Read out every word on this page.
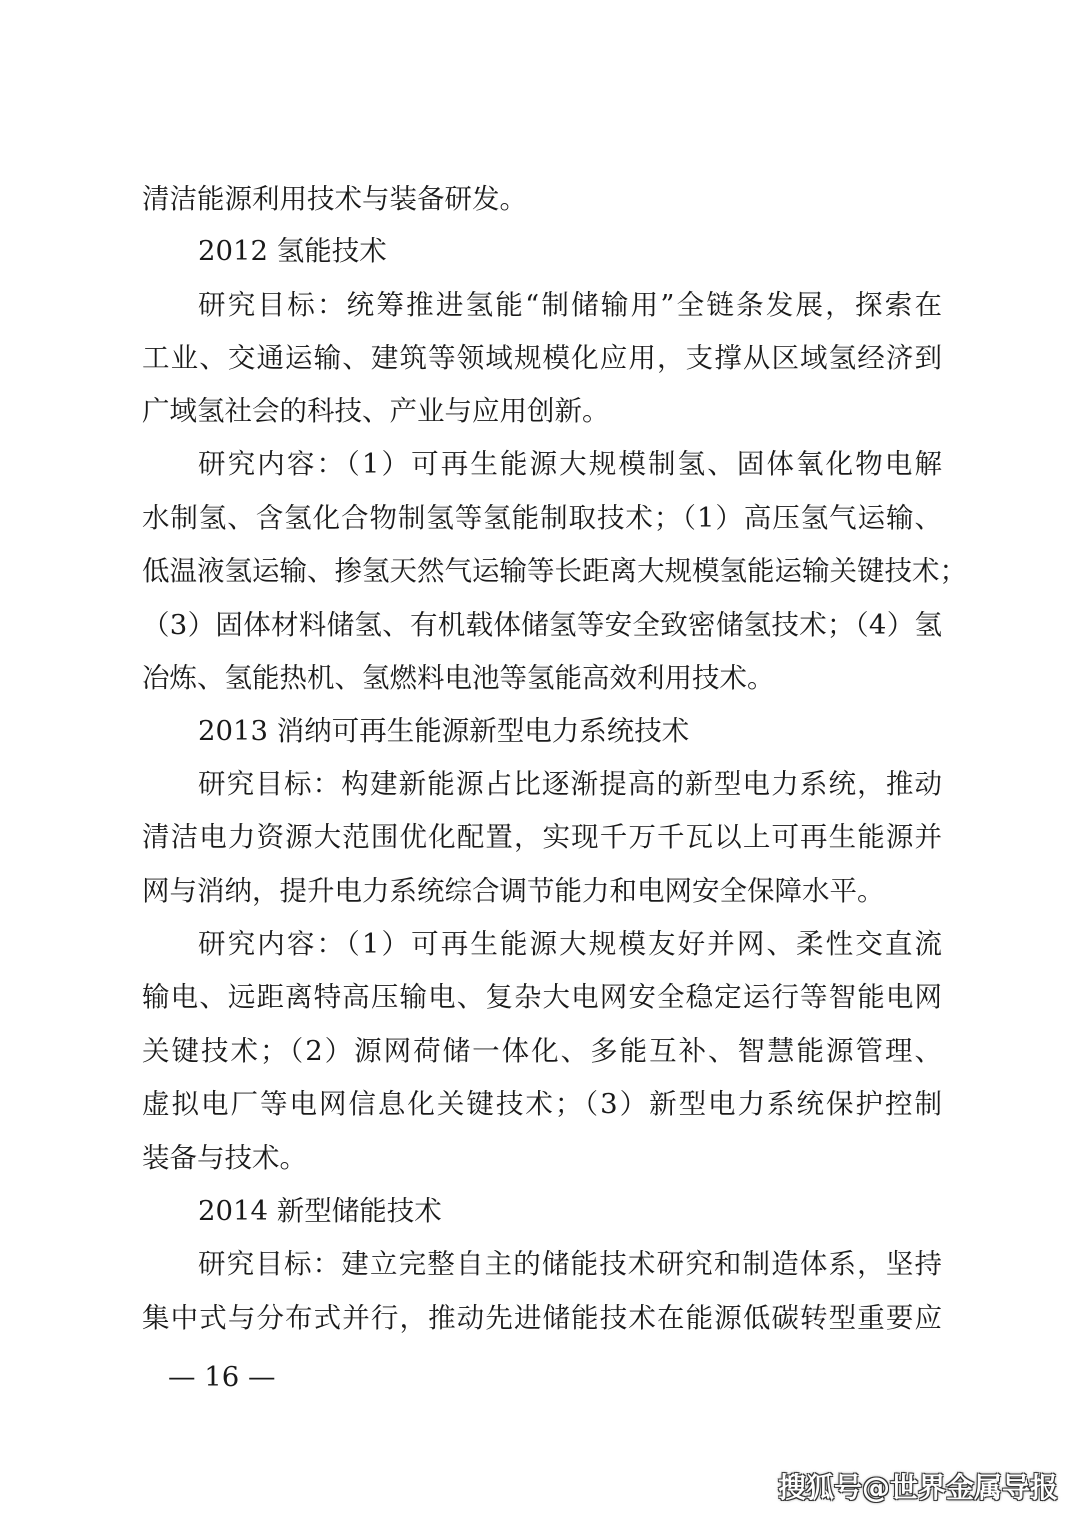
清洁能源利用技术与装备研发。
2012 氢能技术
研究目标：统筹推进氢能“制储输用”全链条发展，探索在
工业、交通运输、建筑等领域规模化应用，支撑从区域氢经济到
广域氢社会的科技、产业与应用创新。
研究内容：（1）可再生能源大规模制氢、固体氧化物电解
水制氢、含氢化合物制氢等氢能制取技术；（1）高压氢气运输、
低温液氢运输、掺氢天然气运输等长距离大规模氢能运输关键技术；
（3）固体材料储氢、有机载体储氢等安全致密储氢技术；（4）氢
冶炼、氢能热机、氢燃料电池等氢能高效利用技术。
2013 消纳可再生能源新型电力系统技术
研究目标：构建新能源占比逐渐提高的新型电力系统，推动
清洁电力资源大范围优化配置，实现千万千瓦以上可再生能源并
网与消纳，提升电力系统综合调节能力和电网安全保障水平。
研究内容：（1）可再生能源大规模友好并网、柔性交直流
输电、远距离特高压输电、复杂大电网安全稳定运行等智能电网
关键技术；（2）源网荷储一体化、多能互补、智慧能源管理、
虚拟电厂等电网信息化关键技术；（3）新型电力系统保护控制
装备与技术。
2014 新型储能技术
研究目标：建立完整自主的储能技术研究和制造体系，坚持
集中式与分布式并行，推动先进储能技术在能源低碳转型重要应
— 16 —
搜狐号@世界金属导报
